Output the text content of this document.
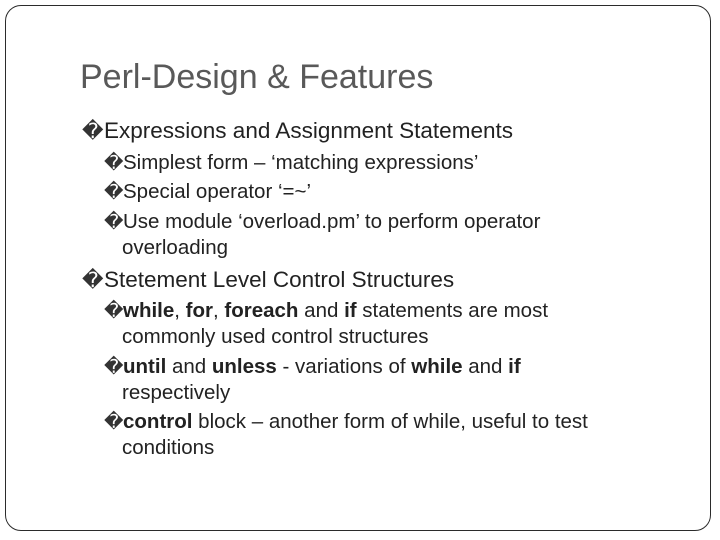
Perl-Design & Features
�Expressions and Assignment Statements
�Simplest form – ‘matching expressions’
�Special operator ‘=~’
�Use module ‘overload.pm’ to perform operator
overloading
�Stetement Level Control Structures
�while, for, foreach and if statements are most
commonly used control structures
�until and unless - variations of while and if
respectively
�control block – another form of while, useful to test
conditions
